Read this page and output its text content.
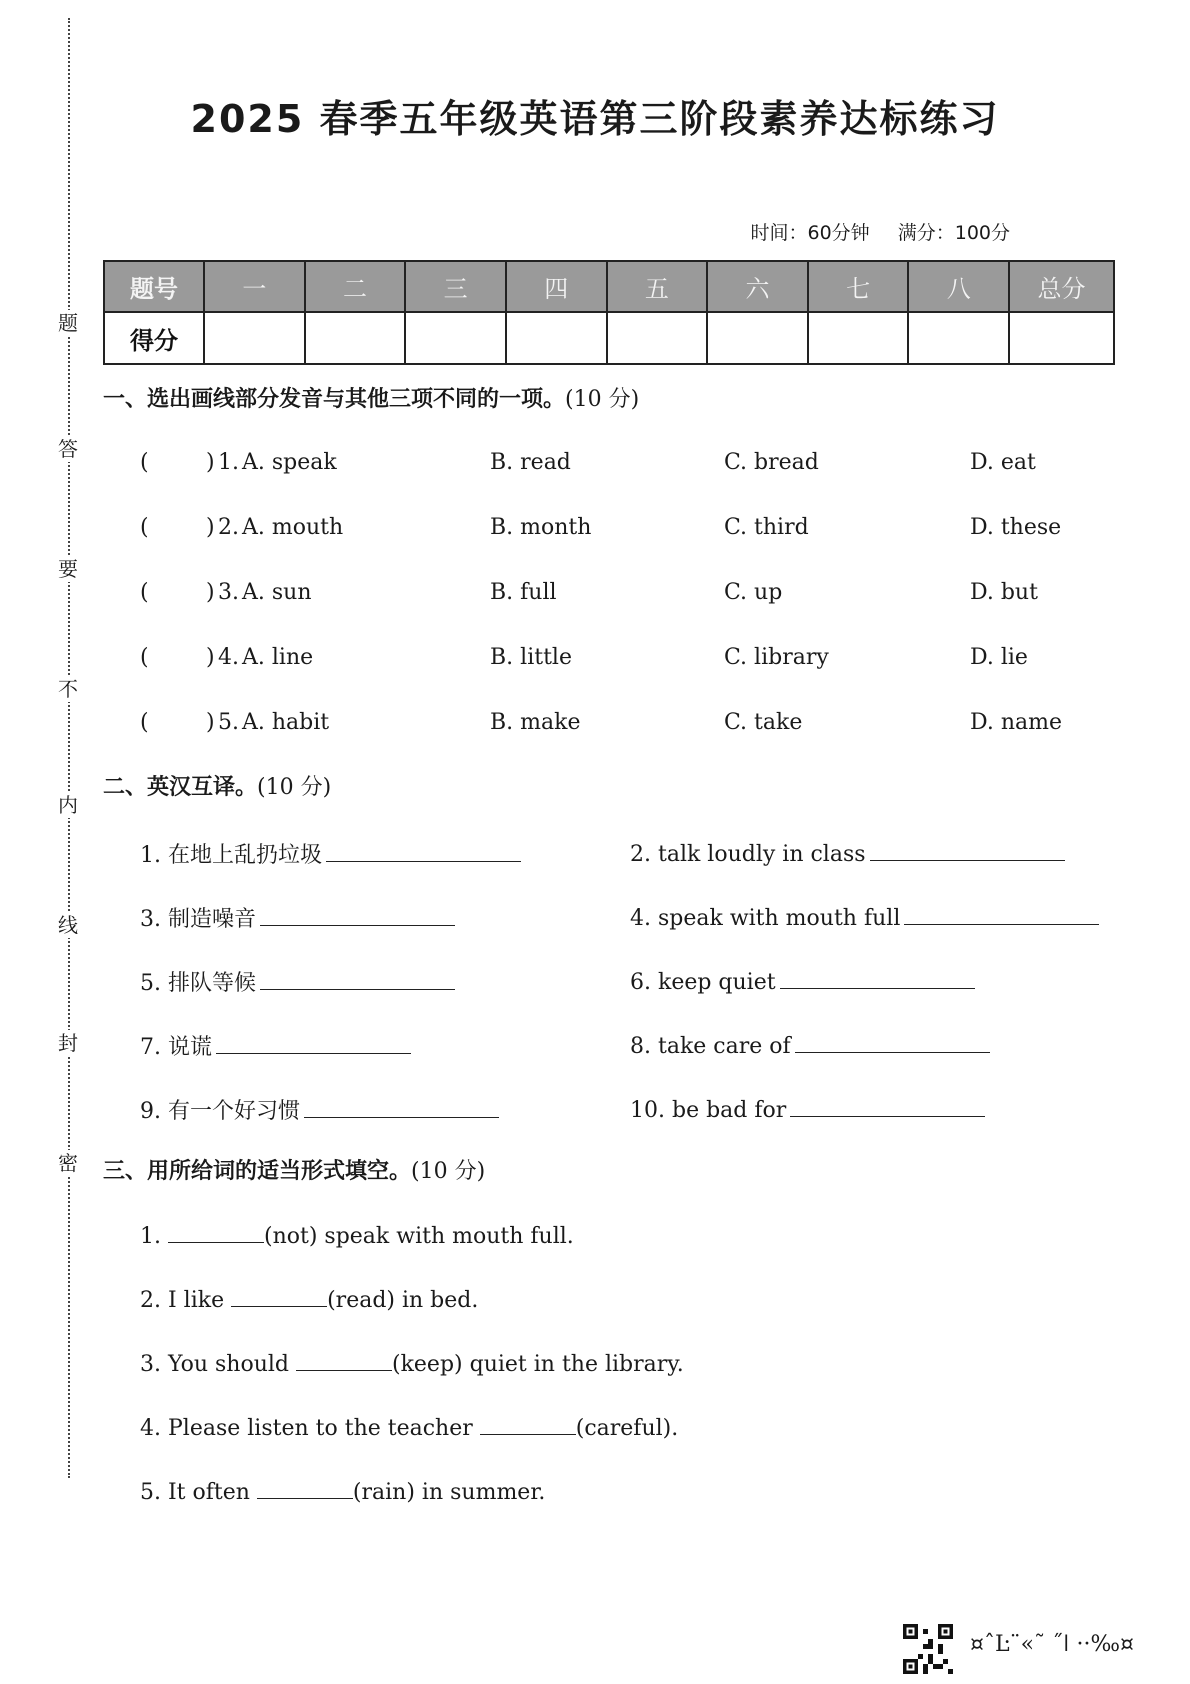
题
答
要
不
内
线
封
密
2025 春季五年级英语第三阶段素养达标练习
时间：60分钟 满分：100分
题号	一	二	三	四	五	六	七	八	总分
得分									
一、选出画线部分发音与其他三项不同的一项。(10 分)
(	) 1. A. speak	B. read	C. bread	D. eat
(	) 2. A. mouth	B. month	C. third	D. these
(	) 3. A. sun	B. full	C. up	D. but
(	) 4. A. line	B. little	C. library	D. lie
(	) 5. A. habit	B. make	C. take	D. name
二、英汉互译。(10 分)
1. 在地上乱扔垃圾	2. talk loudly in class
3. 制造噪音	4. speak with mouth full
5. 排队等候	6. keep quiet
7. 说谎	8. take care of
9. 有一个好习惯	10. be bad for
三、用所给词的适当形式填空。(10 分)
1.	(not) speak with mouth full.
2. I like	(read) in bed.
3. You should	(keep) quiet in the library.
4. Please listen to the teacher	(careful).
5. It often	(rain) in summer.
¤ˆĿ¨«˜ ˝ǀ ··‰¤
